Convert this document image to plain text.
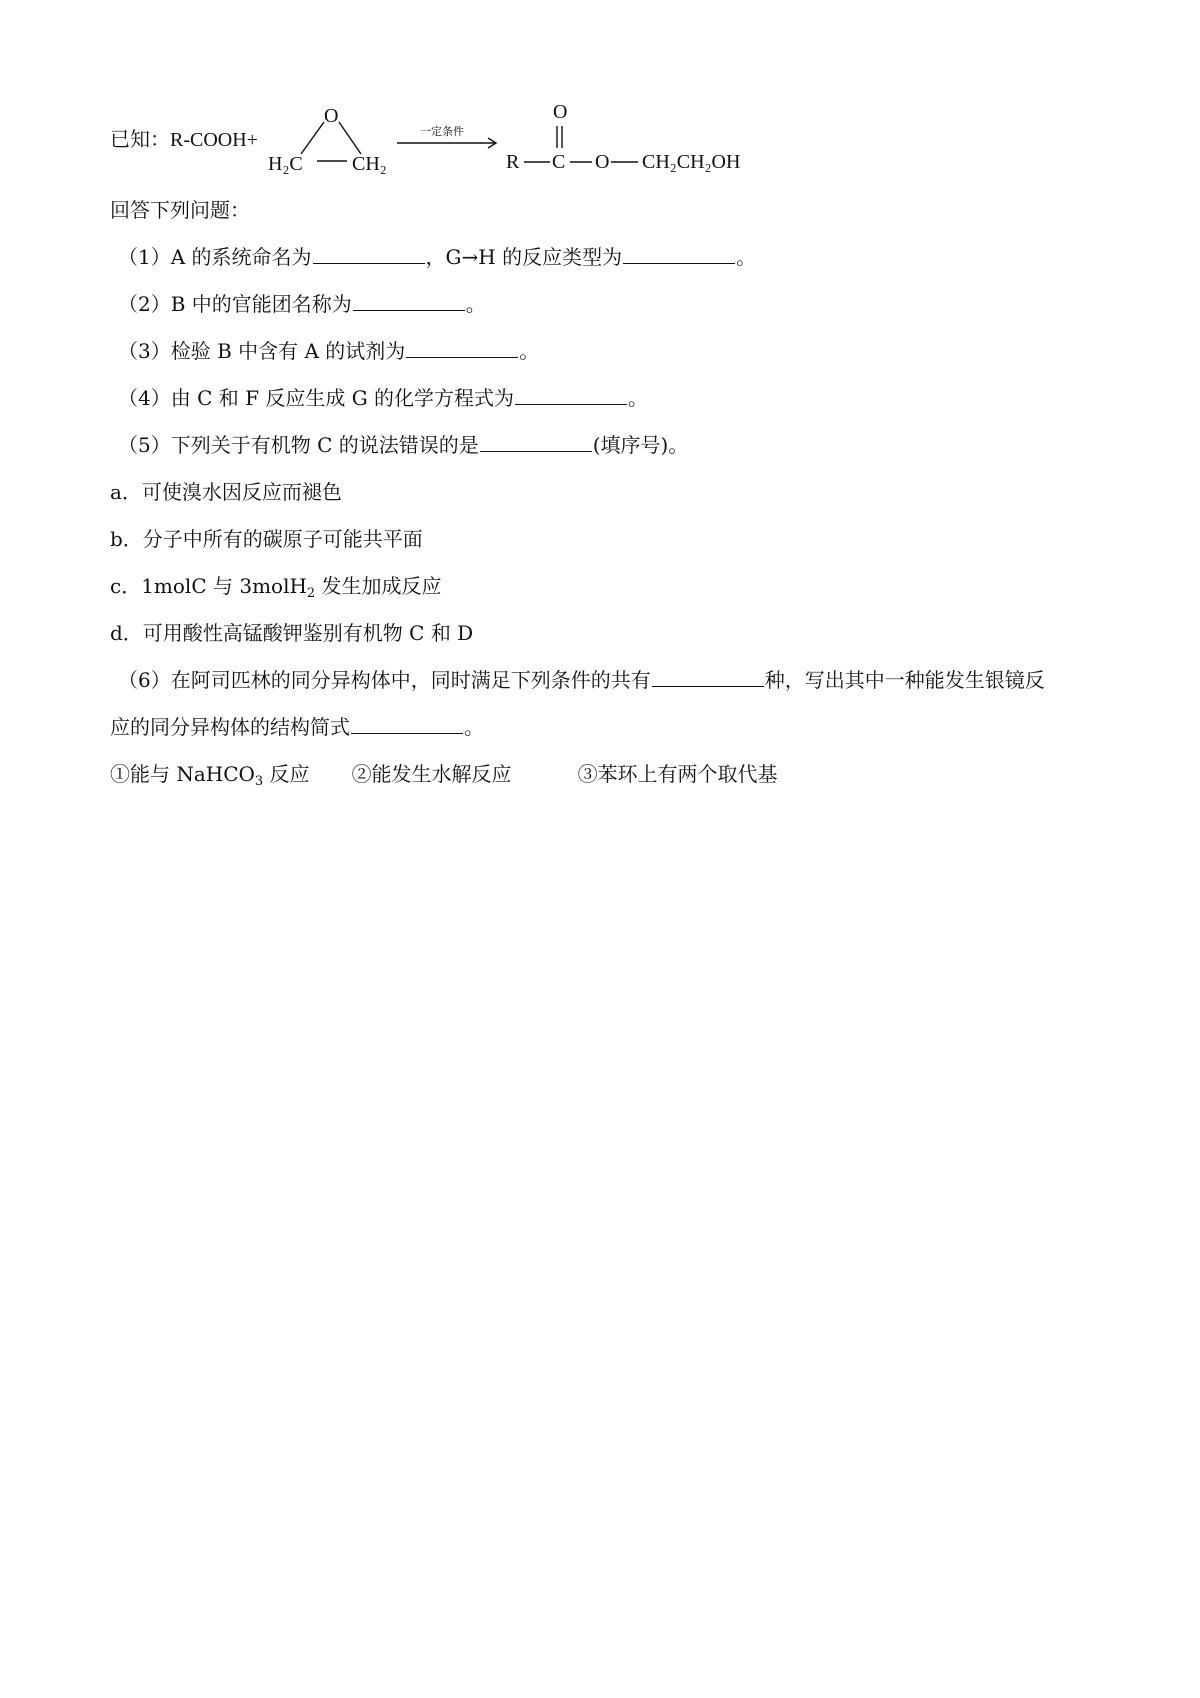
已知： R-COOH+
O
H₂C CH₂
一定条件
O
R C O CH₂CH₂OH
回答下列问题：
（1）A 的系统命名为	，G→H 的反应类型为	。
（2）B 中的官能团名称为	。
（3）检验 B 中含有 A 的试剂为	。
（4）由 C 和 F 反应生成 G 的化学方程式为	。
（5）下列关于有机物 C 的说法错误的是	(填序号)。
a．可使溴水因反应而褪色
b．分子中所有的碳原子可能共平面
c．1molC 与 3molH$_2$ 发生加成反应
d．可用酸性高锰酸钾鉴别有机物 C 和 D
（6）在阿司匹林的同分异构体中，同时满足下列条件的共有	种，写出其中一种能发生银镜反
应的同分异构体的结构简式	。
①能与 NaHCO$_3$ 反应 ②能发生水解反应	③苯环上有两个取代基
